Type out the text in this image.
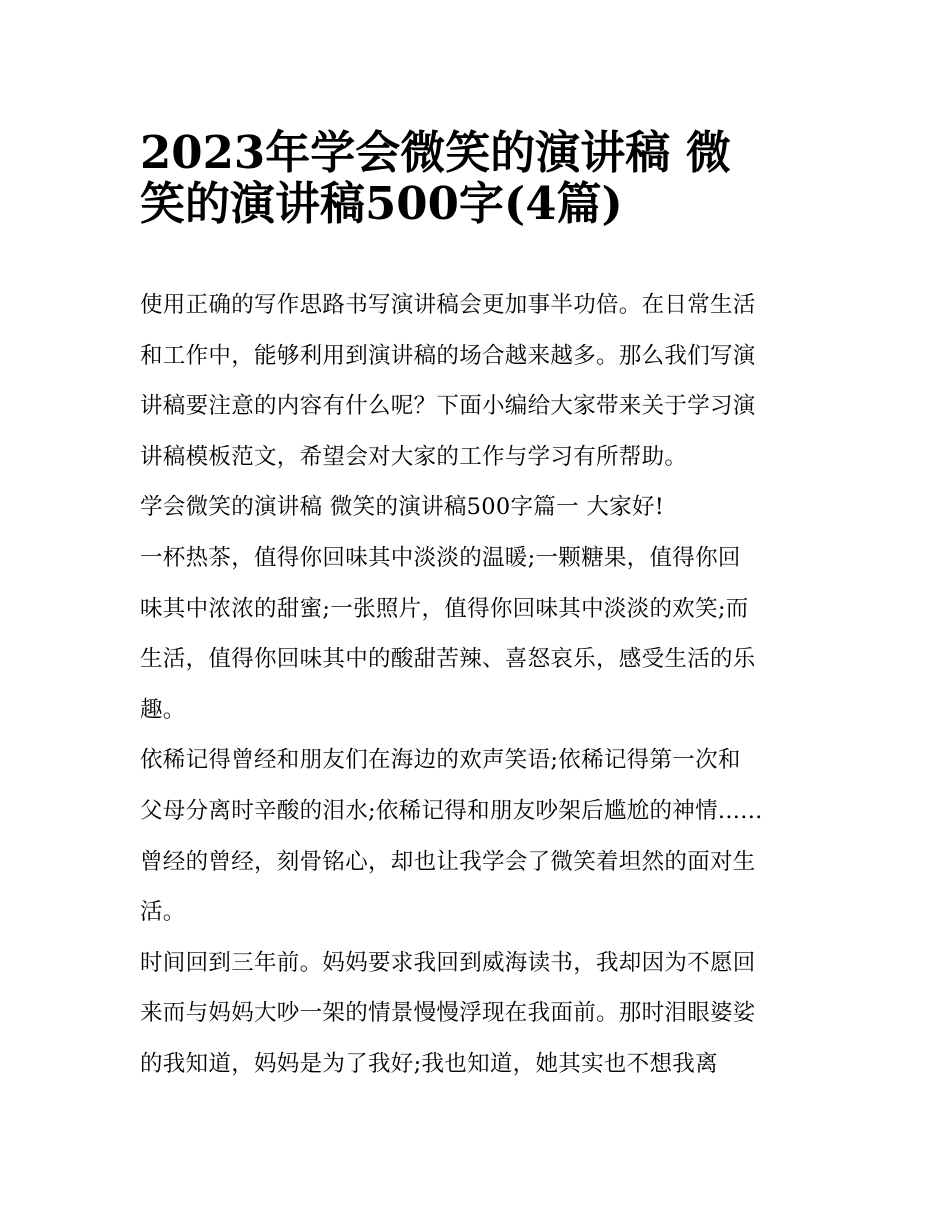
2023年学会微笑的演讲稿 微
笑的演讲稿500字(4篇)
使用正确的写作思路书写演讲稿会更加事半功倍。在日常生活
和工作中，能够利用到演讲稿的场合越来越多。那么我们写演
讲稿要注意的内容有什么呢？下面小编给大家带来关于学习演
讲稿模板范文，希望会对大家的工作与学习有所帮助。
学会微笑的演讲稿 微笑的演讲稿500字篇一 大家好!
一杯热茶，值得你回味其中淡淡的温暖;一颗糖果，值得你回
味其中浓浓的甜蜜;一张照片，值得你回味其中淡淡的欢笑;而
生活，值得你回味其中的酸甜苦辣、喜怒哀乐，感受生活的乐
趣。
依稀记得曾经和朋友们在海边的欢声笑语;依稀记得第一次和
父母分离时辛酸的泪水;依稀记得和朋友吵架后尴尬的神情......
曾经的曾经，刻骨铭心，却也让我学会了微笑着坦然的面对生
活。
时间回到三年前。妈妈要求我回到威海读书，我却因为不愿回
来而与妈妈大吵一架的情景慢慢浮现在我面前。那时泪眼婆娑
的我知道，妈妈是为了我好;我也知道，她其实也不想我离
